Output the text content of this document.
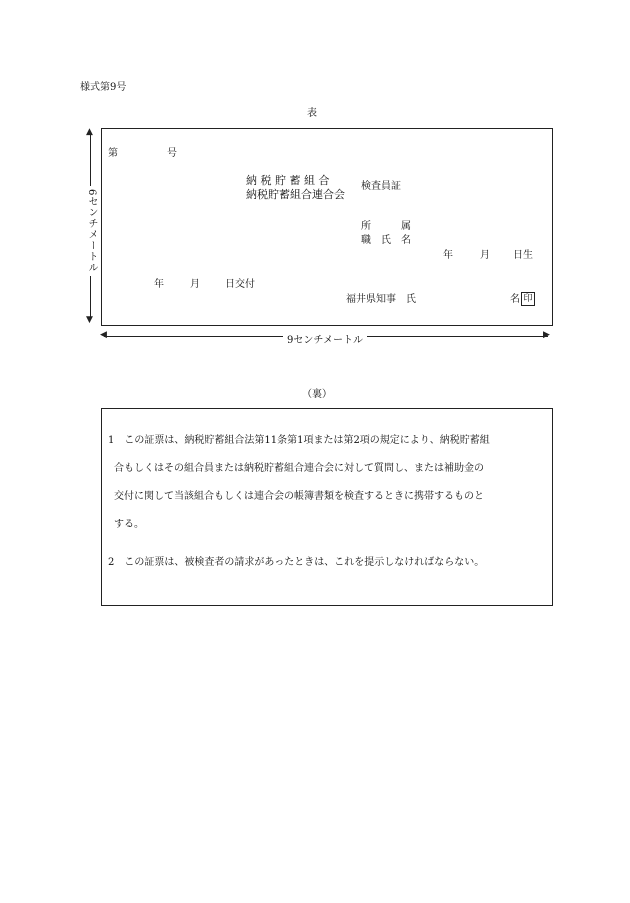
様式第9号
表
▲
▼
6センチメートル
第	号
納 税 貯 蓄 組 合
納税貯蓄組合連合会
検査員証
所　　　属
職　氏　名
年	月 日生
年	月	日交付
福井県知事　氏	名 印
◀	▶
9センチメートル
（裏）
1　この証票は、納税貯蓄組合法第11条第1項または第2項の規定により、納税貯蓄組
合もしくはその組合員または納税貯蓄組合連合会に対して質問し、または補助金の
交付に関して当該組合もしくは連合会の帳簿書類を検査するときに携帯するものと
する。
2　この証票は、被検査者の請求があったときは、これを提示しなければならない。
